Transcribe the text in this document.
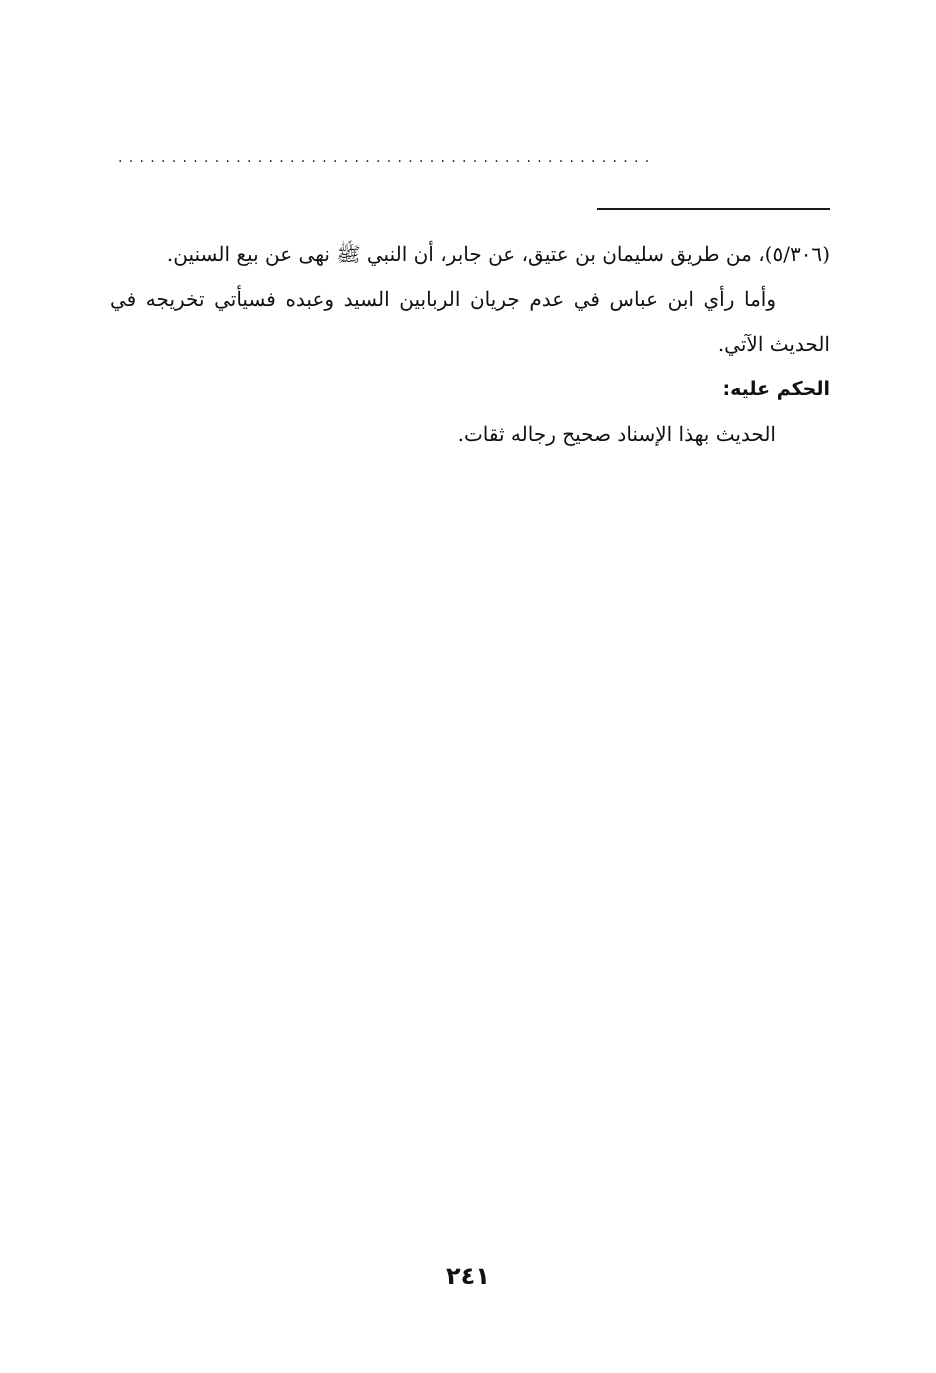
..................................................

(٥/٣٠٦)، من طريق سليمان بن عتيق، عن جابر، أن النبي ﷺ نهى عن بيع السنين.

وأما رأي ابن عباس في عدم جريان الربابين السيد وعبده فسيأتي تخريجه في الحديث الآتي.

الحكم عليه:

الحديث بهذا الإسناد صحيح رجاله ثقات.

٢٤١
